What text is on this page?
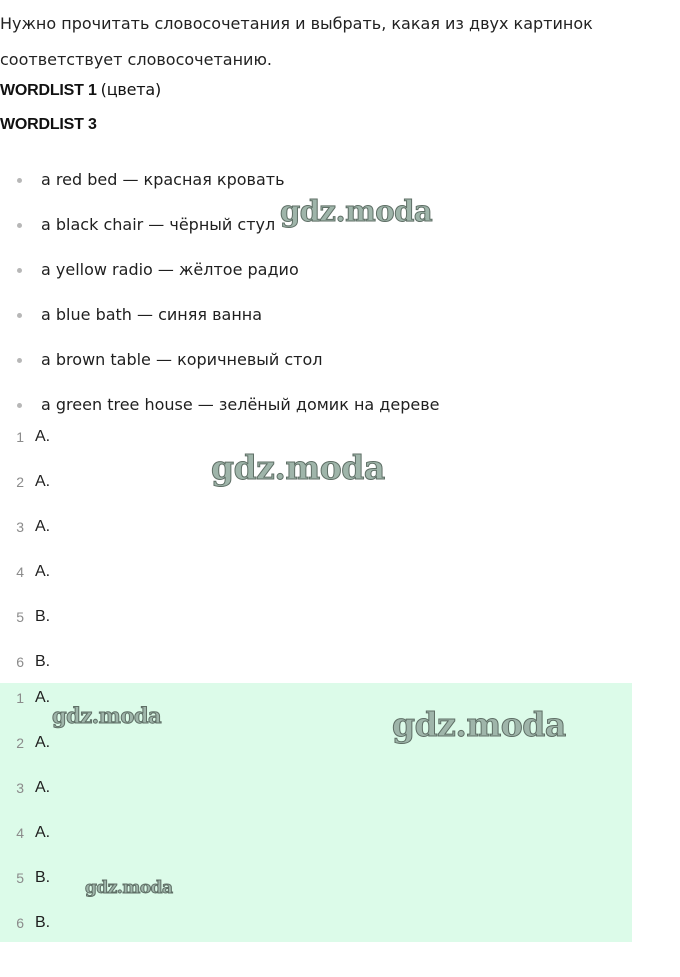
Нужно прочитать словосочетания и выбрать, какая из двух картинок соответствует словосочетанию.
WORDLIST 1 (цвета)
WORDLIST 3
a red bed — красная кровать
a black chair — чёрный стул
a yellow radio — жёлтое радио
a blue bath — синяя ванна
a brown table — коричневый стол
a green tree house — зелёный домик на дереве
1 A.
2 A.
3 A.
4 A.
5 B.
6 B.
1 A.
2 A.
3 A.
4 A.
5 B.
6 B.
gdz.moda
gdz.moda
gdz.moda	gdz.moda
gdz.moda
